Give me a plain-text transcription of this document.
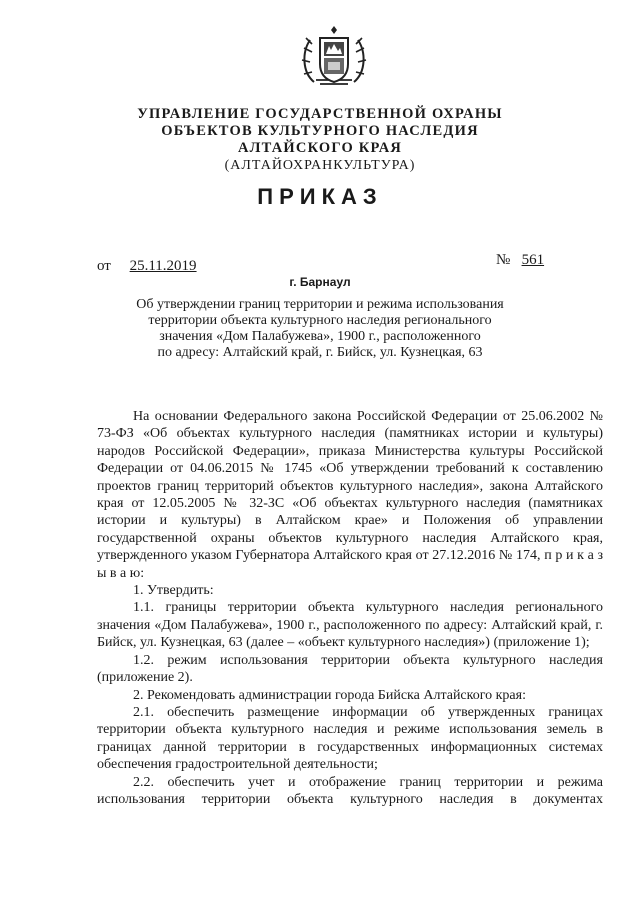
УПРАВЛЕНИЕ ГОСУДАРСТВЕННОЙ ОХРАНЫ
ОБЪЕКТОВ КУЛЬТУРНОГО НАСЛЕДИЯ
АЛТАЙСКОГО КРАЯ
(АЛТАЙОХРАНКУЛЬТУРА)
ПРИКАЗ
от 25.11.2019	№ 561
г. Барнаул
Об утверждении границ территории и режима использования
территории объекта культурного наследия регионального
значения «Дом Палабужева», 1900 г., расположенного
по адресу: Алтайский край, г. Бийск, ул. Кузнецкая, 63
На основании Федерального закона Российской Федерации от 25.06.2002 № 73-ФЗ «Об объектах культурного наследия (памятниках истории и культуры) народов Российской Федерации», приказа Министерства культуры Российской Федерации от 04.06.2015 № 1745 «Об утверждении требований к составлению проектов границ территорий объектов культурного наследия», закона Алтайского края от 12.05.2005 № 32-ЗС «Об объектах культурного наследия (памятниках истории и культуры) в Алтайском крае» и Положения об управлении государственной охраны объектов культурного наследия Алтайского края, утвержденного указом Губернатора Алтайского края от 27.12.2016 № 174, п р и к а з ы в а ю:
1. Утвердить:
1.1. границы территории объекта культурного наследия регионального значения «Дом Палабужева», 1900 г., расположенного по адресу: Алтайский край, г. Бийск, ул. Кузнецкая, 63 (далее – «объект культурного наследия») (приложение 1);
1.2. режим использования территории объекта культурного наследия (приложение 2).
2. Рекомендовать администрации города Бийска Алтайского края:
2.1. обеспечить размещение информации об утвержденных границах территории объекта культурного наследия и режиме использования земель в границах данной территории в государственных информационных системах обеспечения градостроительной деятельности;
2.2. обеспечить учет и отображение границ территории и режима использования территории объекта культурного наследия в документах
